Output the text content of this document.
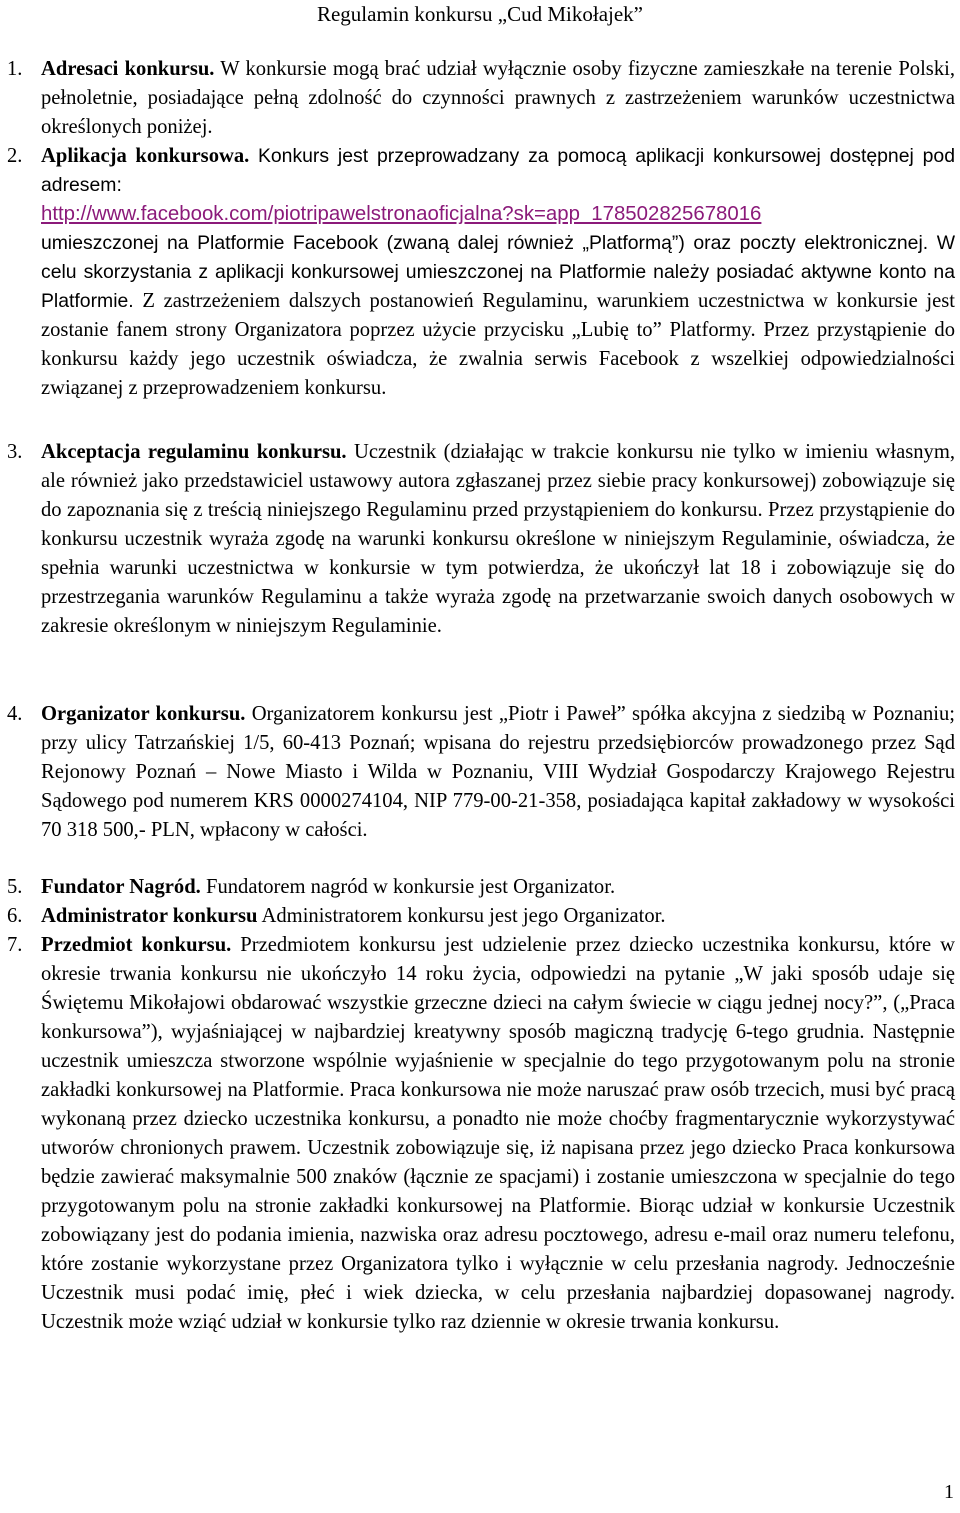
Regulamin konkursu „Cud Mikołajek”
1. Adresaci konkursu. W konkursie mogą brać udział wyłącznie osoby fizyczne zamieszkałe na terenie Polski, pełnoletnie, posiadające pełną zdolność do czynności prawnych z zastrzeżeniem warunków uczestnictwa określonych poniżej.
2. Aplikacja konkursowa. Konkurs jest przeprowadzany za pomocą aplikacji konkursowej dostępnej pod adresem:
http://www.facebook.com/piotripawelstronaoficjalna?sk=app_178502825678016
umieszczonej na Platformie Facebook (zwaną dalej również „Platformą”) oraz poczty elektronicznej. W celu skorzystania z aplikacji konkursowej umieszczonej na Platformie należy posiadać aktywne konto na Platformie. Z zastrzeżeniem dalszych postanowień Regulaminu, warunkiem uczestnictwa w konkursie jest zostanie fanem strony Organizatora poprzez użycie przycisku „Lubię to” Platformy. Przez przystąpienie do konkursu każdy jego uczestnik oświadcza, że zwalnia serwis Facebook z wszelkiej odpowiedzialności związanej z przeprowadzeniem konkursu.
3. Akceptacja regulaminu konkursu. Uczestnik (działając w trakcie konkursu nie tylko w imieniu własnym, ale również jako przedstawiciel ustawowy autora zgłaszanej przez siebie pracy konkursowej) zobowiązuje się do zapoznania się z treścią niniejszego Regulaminu przed przystąpieniem do konkursu. Przez przystąpienie do konkursu uczestnik wyraża zgodę na warunki konkursu określone w niniejszym Regulaminie, oświadcza, że spełnia warunki uczestnictwa w konkursie w tym potwierdza, że ukończył lat 18 i zobowiązuje się do przestrzegania warunków Regulaminu a także wyraża zgodę na przetwarzanie swoich danych osobowych w zakresie określonym w niniejszym Regulaminie.
4. Organizator konkursu. Organizatorem konkursu jest „Piotr i Paweł” spółka akcyjna z siedzibą w Poznaniu; przy ulicy Tatrzańskiej 1/5, 60-413 Poznań; wpisana do rejestru przedsiębiorców prowadzonego przez Sąd Rejonowy Poznań – Nowe Miasto i Wilda w Poznaniu, VIII Wydział Gospodarczy Krajowego Rejestru Sądowego pod numerem KRS 0000274104, NIP 779-00-21-358, posiadająca kapitał zakładowy w wysokości 70 318 500,- PLN, wpłacony w całości.
5. Fundator Nagród. Fundatorem nagród w konkursie jest Organizator.
6. Administrator konkursu Administratorem konkursu jest jego Organizator.
7. Przedmiot konkursu. Przedmiotem konkursu jest udzielenie przez dziecko uczestnika konkursu, które w okresie trwania konkursu nie ukończyło 14 roku życia, odpowiedzi na pytanie „W jaki sposób udaje się Świętemu Mikołajowi obdarować wszystkie grzeczne dzieci na całym świecie w ciągu jednej nocy?”, („Praca konkursowa”), wyjaśniającej w najbardziej kreatywny sposób magiczną tradycję 6-tego grudnia. Następnie uczestnik umieszcza stworzone wspólnie wyjaśnienie w specjalnie do tego przygotowanym polu na stronie zakładki konkursowej na Platformie. Praca konkursowa nie może naruszać praw osób trzecich, musi być pracą wykonaną przez dziecko uczestnika konkursu, a ponadto nie może choćby fragmentarycznie wykorzystywać utworów chronionych prawem. Uczestnik zobowiązuje się, iż napisana przez jego dziecko Praca konkursowa będzie zawierać maksymalnie 500 znaków (łącznie ze spacjami) i zostanie umieszczona w specjalnie do tego przygotowanym polu na stronie zakładki konkursowej na Platformie. Biorąc udział w konkursie Uczestnik zobowiązany jest do podania imienia, nazwiska oraz adresu pocztowego, adresu e-mail oraz numeru telefonu, które zostanie wykorzystane przez Organizatora tylko i wyłącznie w celu przesłania nagrody. Jednocześnie Uczestnik musi podać imię, płeć i wiek dziecka, w celu przesłania najbardziej dopasowanej nagrody. Uczestnik może wziąć udział w konkursie tylko raz dziennie w okresie trwania konkursu.
1
